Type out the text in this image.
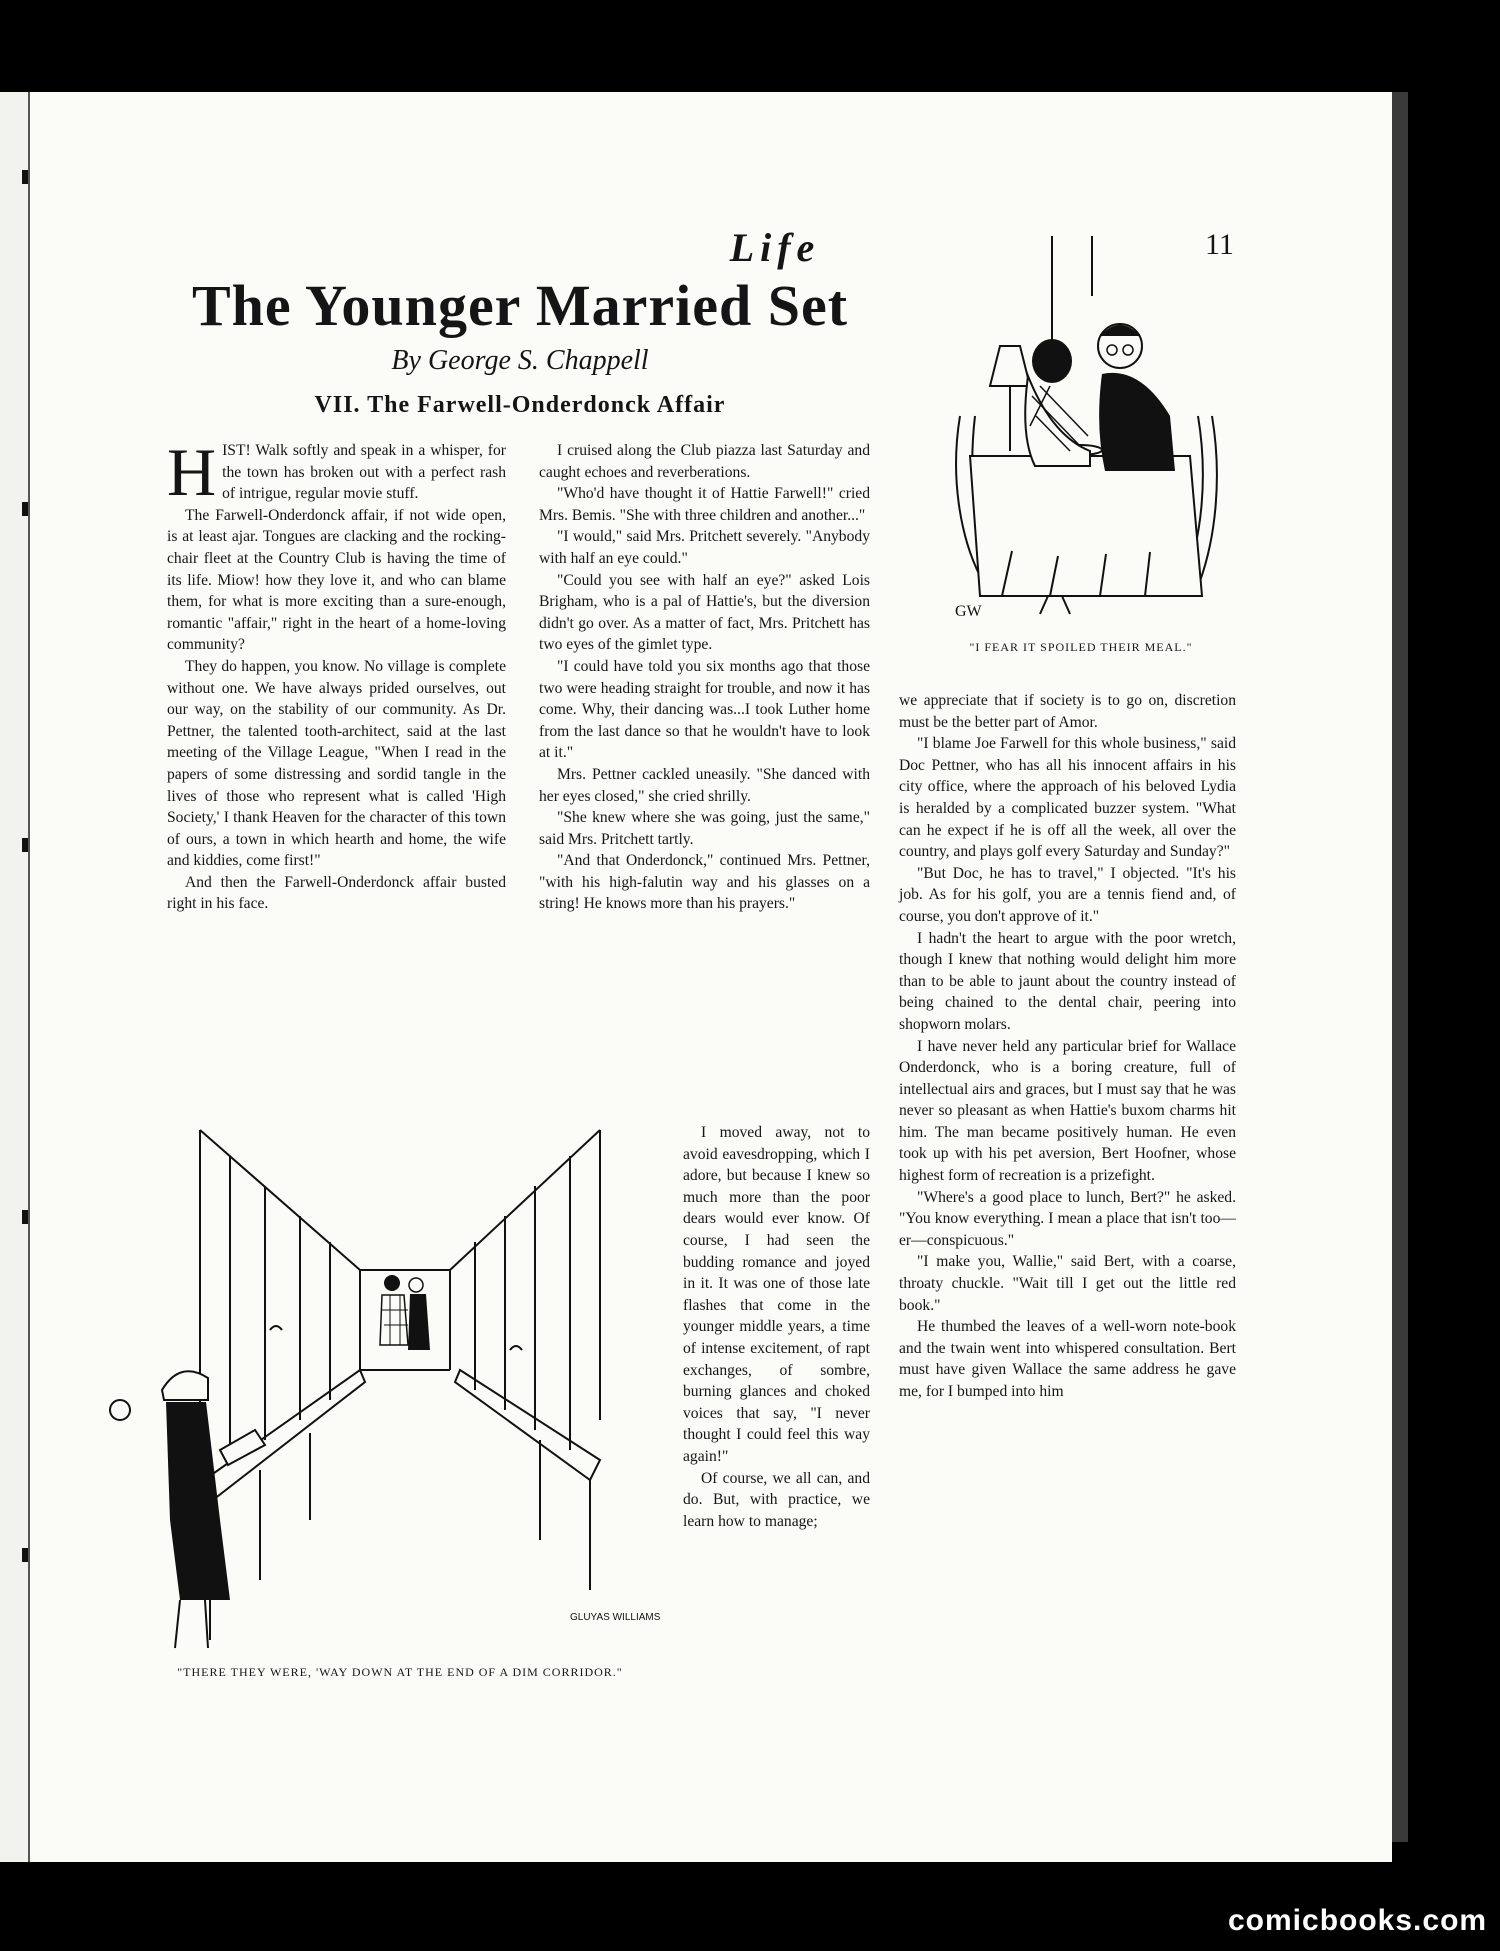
Life	11
The Younger Married Set
By George S. Chappell
VII. The Farwell-Onderdonck Affair

HIST! Walk softly and speak in a whisper, for the town has broken out with a perfect rash of intrigue, regular movie stuff.

The Farwell-Onderdonck affair, if not wide open, is at least ajar. Tongues are clacking and the rocking-chair fleet at the Country Club is having the time of its life. Miow! how they love it, and who can blame them, for what is more exciting than a sure-enough, romantic "affair," right in the heart of a home-loving community?

They do happen, you know. No village is complete without one. We have always prided ourselves, out our way, on the stability of our community. As Dr. Pettner, the talented tooth-architect, said at the last meeting of the Village League, "When I read in the papers of some distressing and sordid tangle in the lives of those who represent what is called 'High Society,' I thank Heaven for the character of this town of ours, a town in which hearth and home, the wife and kiddies, come first!"

And then the Farwell-Onderdonck affair busted right in his face.

I cruised along the Club piazza last Saturday and caught echoes and reverberations.

"Who'd have thought it of Hattie Farwell!" cried Mrs. Bemis. "She with three children and another..."

"I would," said Mrs. Pritchett severely. "Anybody with half an eye could."

"Could you see with half an eye?" asked Lois Brigham, who is a pal of Hattie's, but the diversion didn't go over. As a matter of fact, Mrs. Pritchett has two eyes of the gimlet type.

"I could have told you six months ago that those two were heading straight for trouble, and now it has come. Why, their dancing was...I took Luther home from the last dance so that he wouldn't have to look at it."

Mrs. Pettner cackled uneasily. "She danced with her eyes closed," she cried shrilly.

"She knew where she was going, just the same," said Mrs. Pritchett tartly.

"And that Onderdonck," continued Mrs. Pettner, "with his high-falutin way and his glasses on a string! He knows more than his prayers."

I moved away, not to avoid eavesdropping, which I adore, but because I knew so much more than the poor dears would ever know. Of course, I had seen the budding romance and joyed in it. It was one of those late flashes that come in the younger middle years, a time of intense excitement, of rapt exchanges, of sombre, burning glances and choked voices that say, "I never thought I could feel this way again!"

Of course, we all can, and do. But, with practice, we learn how to manage;

we appreciate that if society is to go on, discretion must be the better part of Amor.

"I blame Joe Farwell for this whole business," said Doc Pettner, who has all his innocent affairs in his city office, where the approach of his beloved Lydia is heralded by a complicated buzzer system. "What can he expect if he is off all the week, all over the country, and plays golf every Saturday and Sunday?"

"But Doc, he has to travel," I objected. "It's his job. As for his golf, you are a tennis fiend and, of course, you don't approve of it."

I hadn't the heart to argue with the poor wretch, though I knew that nothing would delight him more than to be able to jaunt about the country instead of being chained to the dental chair, peering into shopworn molars.

I have never held any particular brief for Wallace Onderdonck, who is a boring creature, full of intellectual airs and graces, but I must say that he was never so pleasant as when Hattie's buxom charms hit him. The man became positively human. He even took up with his pet aversion, Bert Hoofner, whose highest form of recreation is a prizefight.

"Where's a good place to lunch, Bert?" he asked. "You know everything. I mean a place that isn't too—er—conspicuous."

"I make you, Wallie," said Bert, with a coarse, throaty chuckle. "Wait till I get out the little red book."

He thumbed the leaves of a well-worn note-book and the twain went into whispered consultation. Bert must have given Wallace the same address he gave me, for I bumped into him

GW
"I FEAR IT SPOILED THEIR MEAL."
GLUYAS WILLIAMS
"THERE THEY WERE, 'WAY DOWN AT THE END OF A DIM CORRIDOR."
comicbooks.com
